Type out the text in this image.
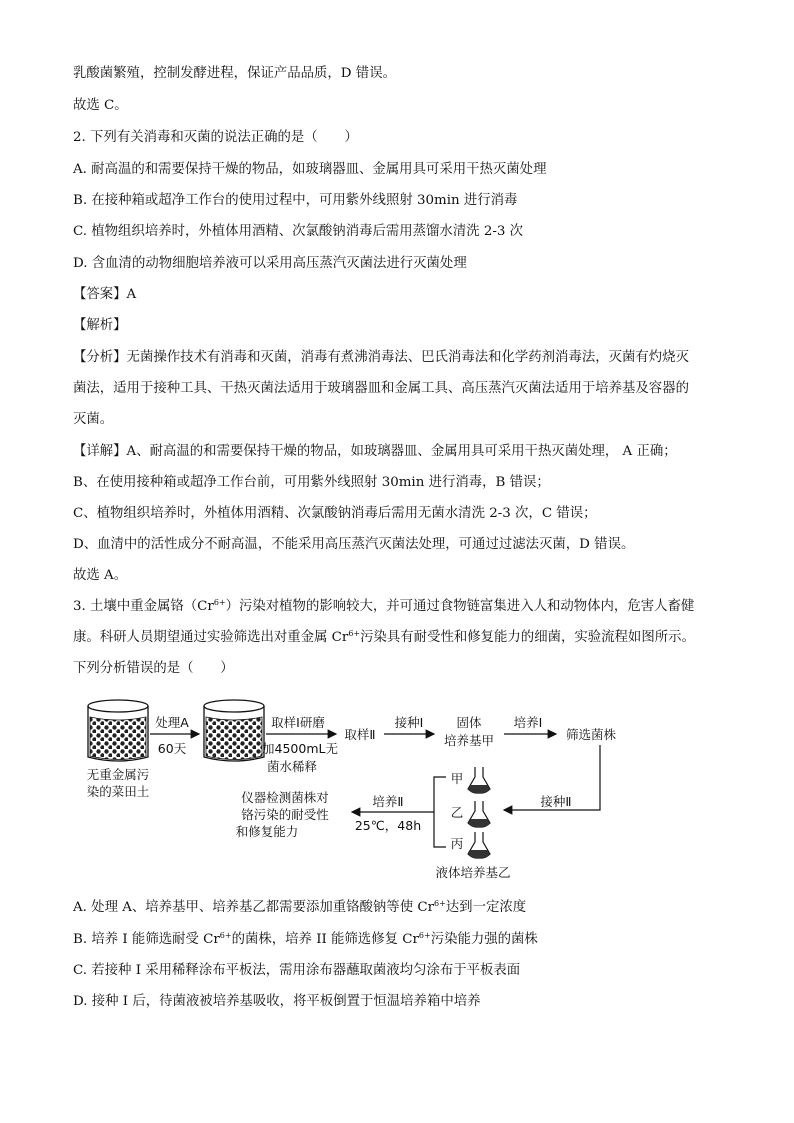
乳酸菌繁殖，控制发酵进程，保证产品品质，D 错误。
故选 C。
2. 下列有关消毒和灭菌的说法正确的是（　　）
A. 耐高温的和需要保持干燥的物品，如玻璃器皿、金属用具可采用干热灭菌处理
B. 在接种箱或超净工作台的使用过程中，可用紫外线照射 30min 进行消毒
C. 植物组织培养时，外植体用酒精、次氯酸钠消毒后需用蒸馏水清洗 2-3 次
D. 含血清的动物细胞培养液可以采用高压蒸汽灭菌法进行灭菌处理
【答案】A
【解析】
【分析】无菌操作技术有消毒和灭菌，消毒有煮沸消毒法、巴氏消毒法和化学药剂消毒法，灭菌有灼烧灭
菌法，适用于接种工具、干热灭菌法适用于玻璃器皿和金属工具、高压蒸汽灭菌法适用于培养基及容器的
灭菌。
【详解】A、耐高温的和需要保持干燥的物品，如玻璃器皿、金属用具可采用干热灭菌处理， A 正确；
B、在使用接种箱或超净工作台前，可用紫外线照射 30min 进行消毒，B 错误；
C、植物组织培养时，外植体用酒精、次氯酸钠消毒后需用无菌水清洗 2-3 次，C 错误；
D、血清中的活性成分不耐高温，不能采用高压蒸汽灭菌法处理，可通过过滤法灭菌，D 错误。
故选 A。
3. 土壤中重金属铬$(Cr^{6+})$污染对植物的影响较大，并可通过食物链富集进入人和动物体内，危害人畜健
康。科研人员期望通过实验筛选出对重金属 $Cr^{6+}$污染具有耐受性和修复能力的细菌，实验流程如图所示。
下列分析错误的是（　　）
无重金属污
染的菜田土
处理A
60天
取样Ⅰ研磨
加4500mL无
菌水稀释
取样Ⅱ
接种Ⅰ	固体
培养基甲
培养Ⅰ
筛选菌株
接种Ⅱ
甲
乙
丙
液体培养基乙
培养Ⅱ
25℃，48h
仪器检测菌株对
铬污染的耐受性
和修复能力
A. 处理 A、培养基甲、培养基乙都需要添加重铬酸钠等使 $Cr^{6+}$达到一定浓度
B. 培养 I 能筛选耐受 $Cr^{6+}$的菌株，培养 II 能筛选修复 $Cr^{6+}$污染能力强的菌株
C. 若接种 I 采用稀释涂布平板法，需用涂布器蘸取菌液均匀涂布于平板表面
D. 接种 I 后，待菌液被培养基吸收，将平板倒置于恒温培养箱中培养
